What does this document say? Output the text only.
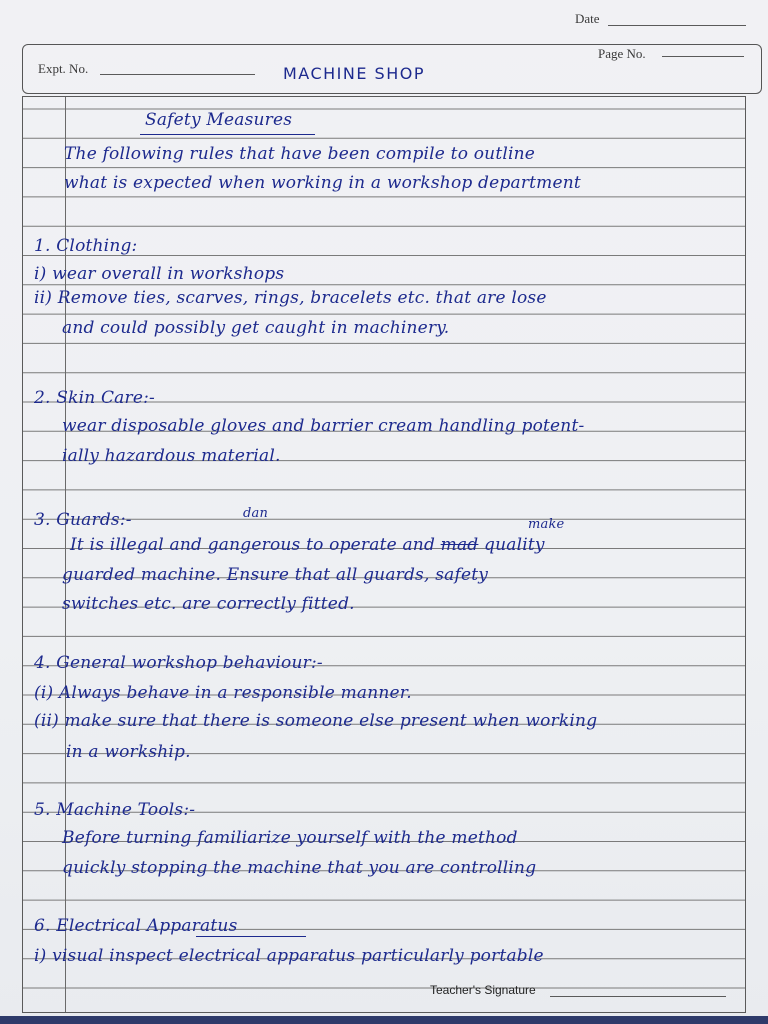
Date
Expt. No.
Page No.
MACHINE SHOP
Safety Measures
The following rules that have been compile to outline
what is expected when working in a workshop department
1. Clothing:
i) wear overall in workshops
ii) Remove ties, scarves, rings, bracelets etc. that are lose
and could possibly get caught in machinery.
2. Skin Care:-
wear disposable gloves and barrier cream handling potent-
ially hazardous material.
3. Guards:-	dan
make
It is illegal and gangerous to operate and mad quality
guarded machine. Ensure that all guards, safety
switches etc. are correctly fitted.
4. General workshop behaviour:-
(i) Always behave in a responsible manner.
(ii) make sure that there is someone else present when working
in a workship.
5. Machine Tools:-
Before turning familiarize yourself with the method
quickly stopping the machine that you are controlling
6. Electrical Apparatus
i) visual inspect electrical apparatus particularly portable
Teacher's Signature
